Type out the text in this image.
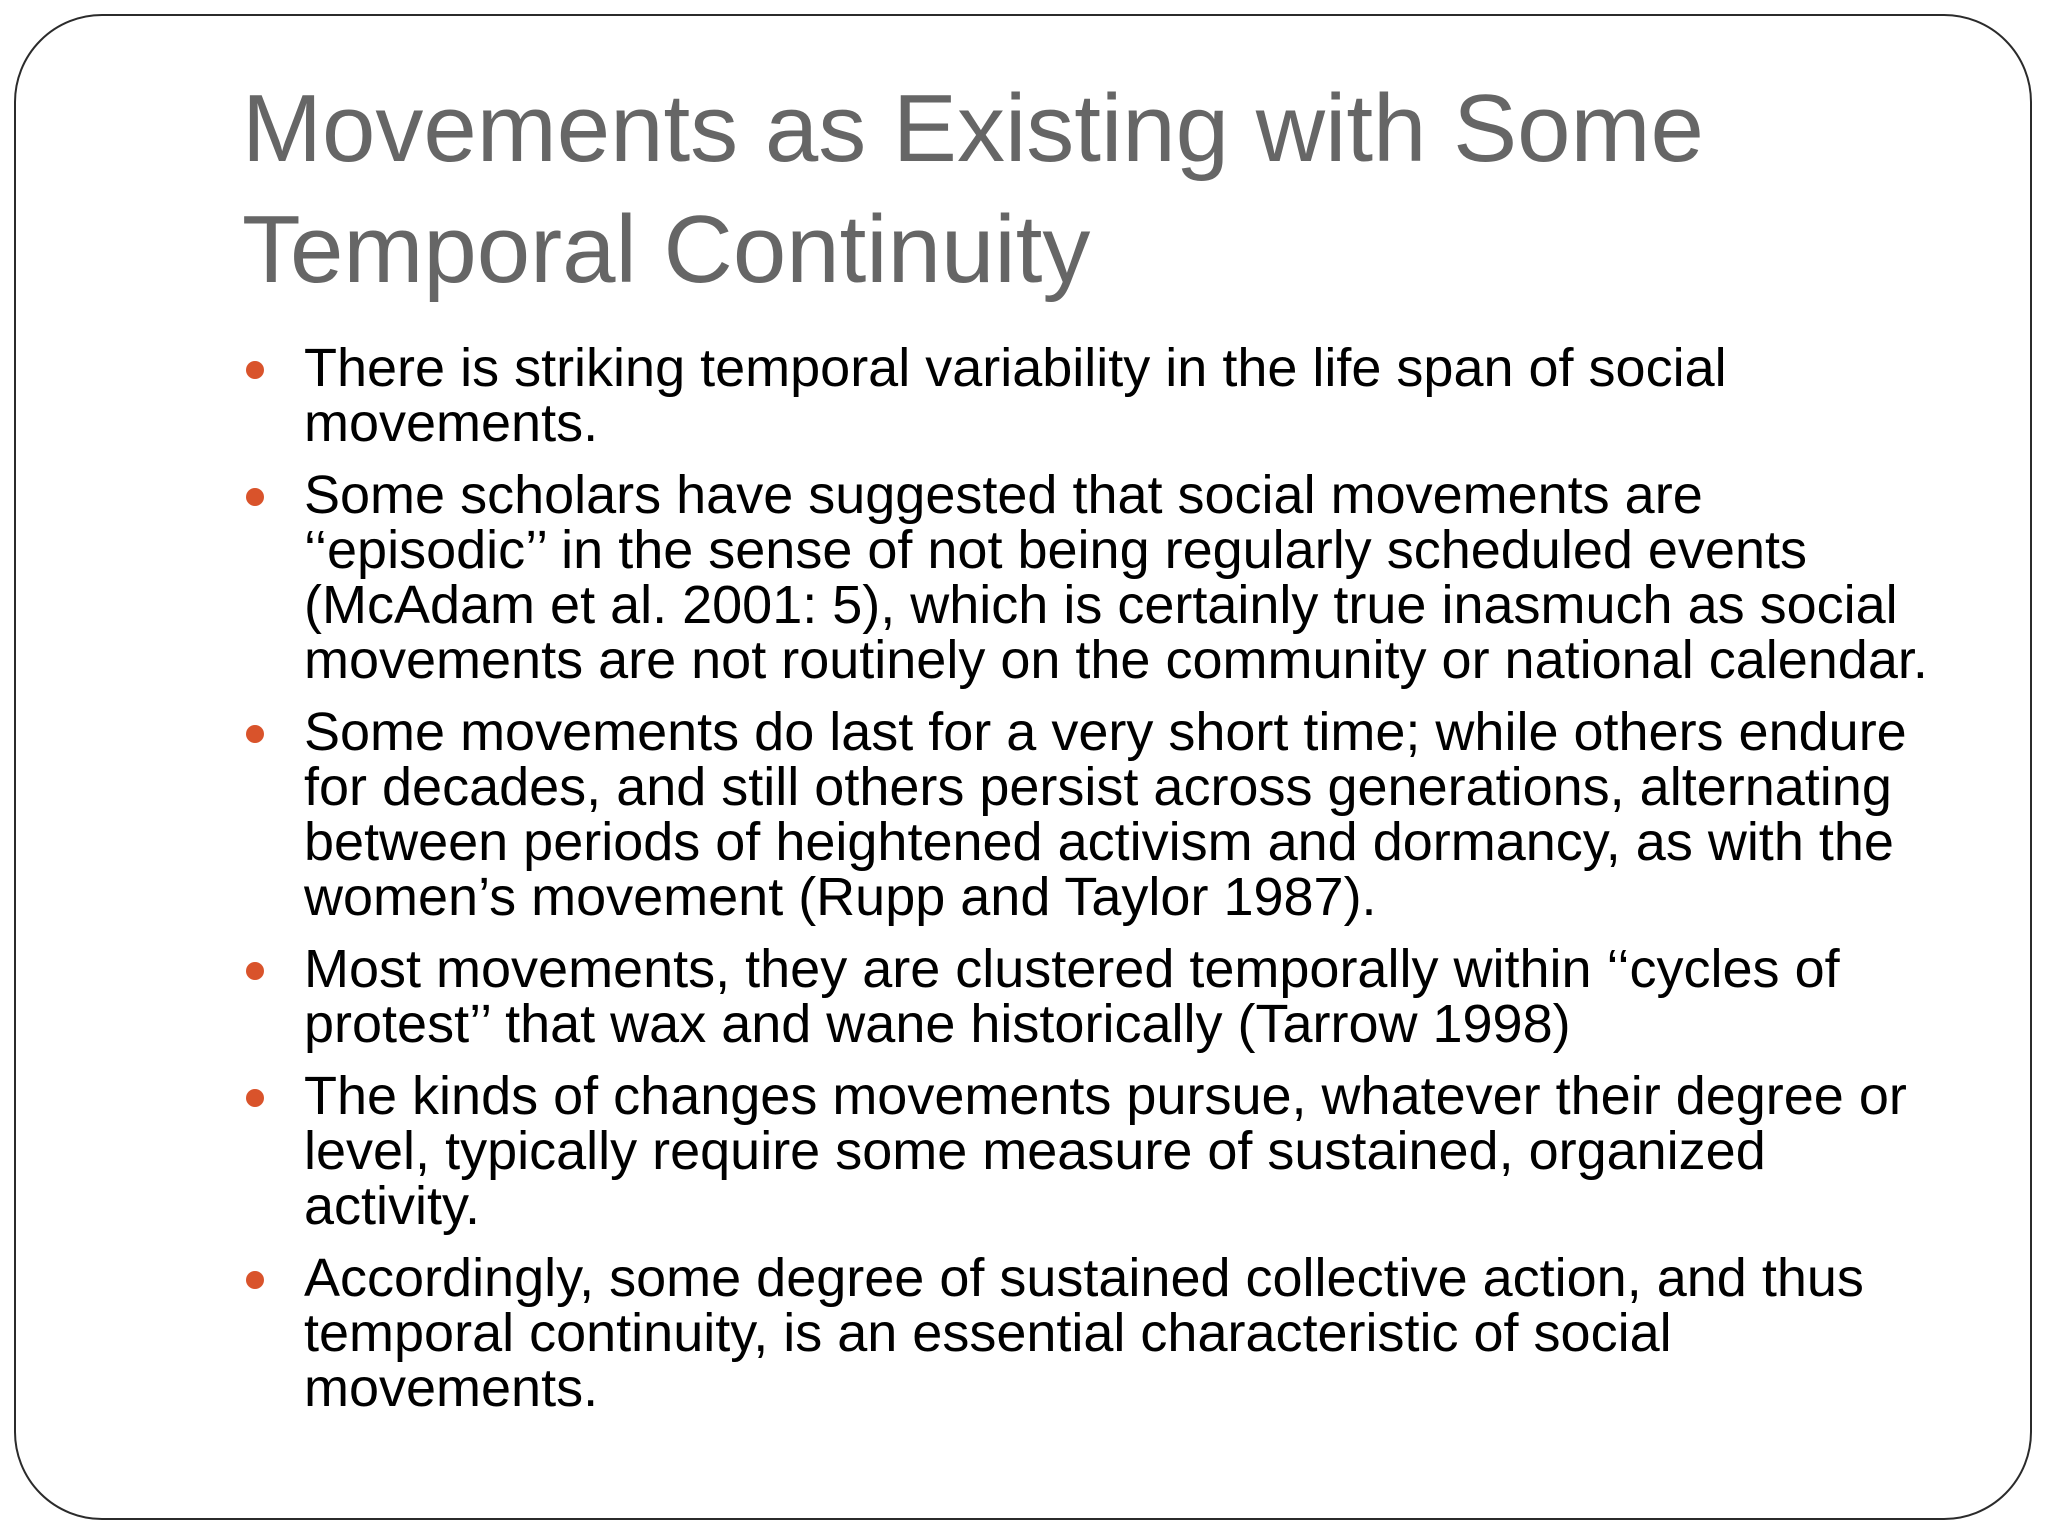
Movements as Existing with Some Temporal Continuity
There is striking temporal variability in the life span of social movements.
Some scholars have suggested that social movements are ‘‘episodic’’ in the sense of not being regularly scheduled events (McAdam et al. 2001: 5), which is certainly true inasmuch as social movements are not routinely on the community or national calendar.
Some movements do last for a very short time; while others endure for decades, and still others persist across generations, alternating between periods of heightened activism and dormancy, as with the women’s movement (Rupp and Taylor 1987).
Most movements, they are clustered temporally within ‘‘cycles of protest’’ that wax and wane historically (Tarrow 1998)
The kinds of changes movements pursue, whatever their degree or level, typically require some measure of sustained, organized activity.
Accordingly, some degree of sustained collective action, and thus temporal continuity, is an essential characteristic of social movements.
